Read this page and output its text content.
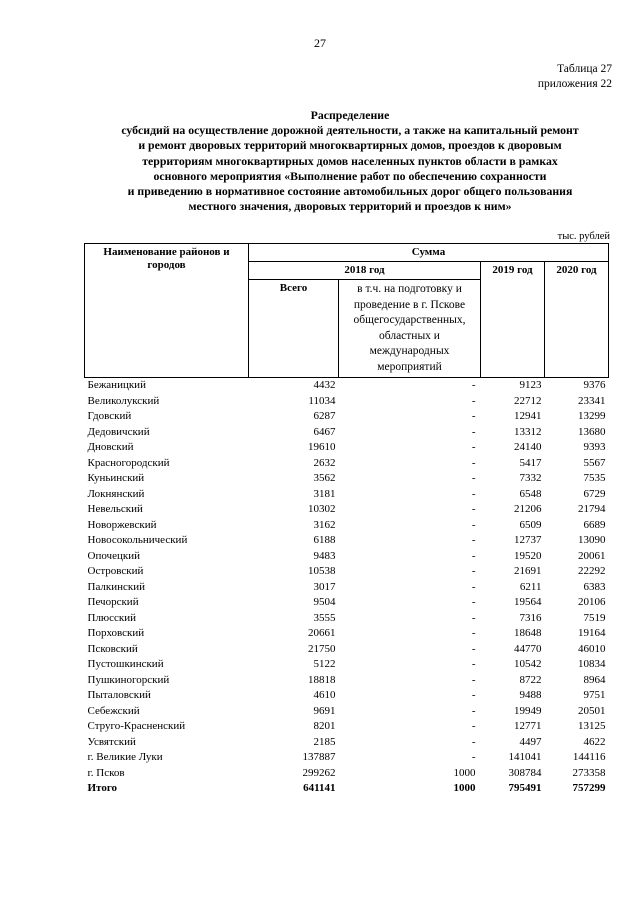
27
Таблица 27
приложения 22
Распределение
субсидий на осуществление дорожной деятельности, а также на капитальный ремонт
и ремонт дворовых территорий многоквартирных домов, проездов к дворовым
территориям многоквартирных домов населенных пунктов области в рамках
основного мероприятия «Выполнение работ по обеспечению сохранности
и приведению в нормативное состояние автомобильных дорог общего пользования
местного значения, дворовых территорий и проездов к ним»
тыс. рублей
Наименование районов и городов	Сумма			
	2018 год		2019 год	2020 год
	Всего	в т.ч. на подготовку и проведение в г. Пскове общегосударственных, областных и международных мероприятий		
Бежаницкий	4432	-	9123	9376
Великолукский	11034	-	22712	23341
Гдовский	6287	-	12941	13299
Дедовичский	6467	-	13312	13680
Дновский	19610	-	24140	9393
Красногородский	2632	-	5417	5567
Куньинский	3562	-	7332	7535
Локнянский	3181	-	6548	6729
Невельский	10302	-	21206	21794
Новоржевский	3162	-	6509	6689
Новосокольнический	6188	-	12737	13090
Опочецкий	9483	-	19520	20061
Островский	10538	-	21691	22292
Палкинский	3017	-	6211	6383
Печорский	9504	-	19564	20106
Плюсский	3555	-	7316	7519
Порховский	20661	-	18648	19164
Псковский	21750	-	44770	46010
Пустошкинский	5122	-	10542	10834
Пушкиногорский	18818	-	8722	8964
Пыталовский	4610	-	9488	9751
Себежский	9691	-	19949	20501
Струго-Красненский	8201	-	12771	13125
Усвятский	2185	-	4497	4622
г. Великие Луки	137887	-	141041	144116
г. Псков	299262	1000	308784	273358
Итого	641141	1000	795491	757299
